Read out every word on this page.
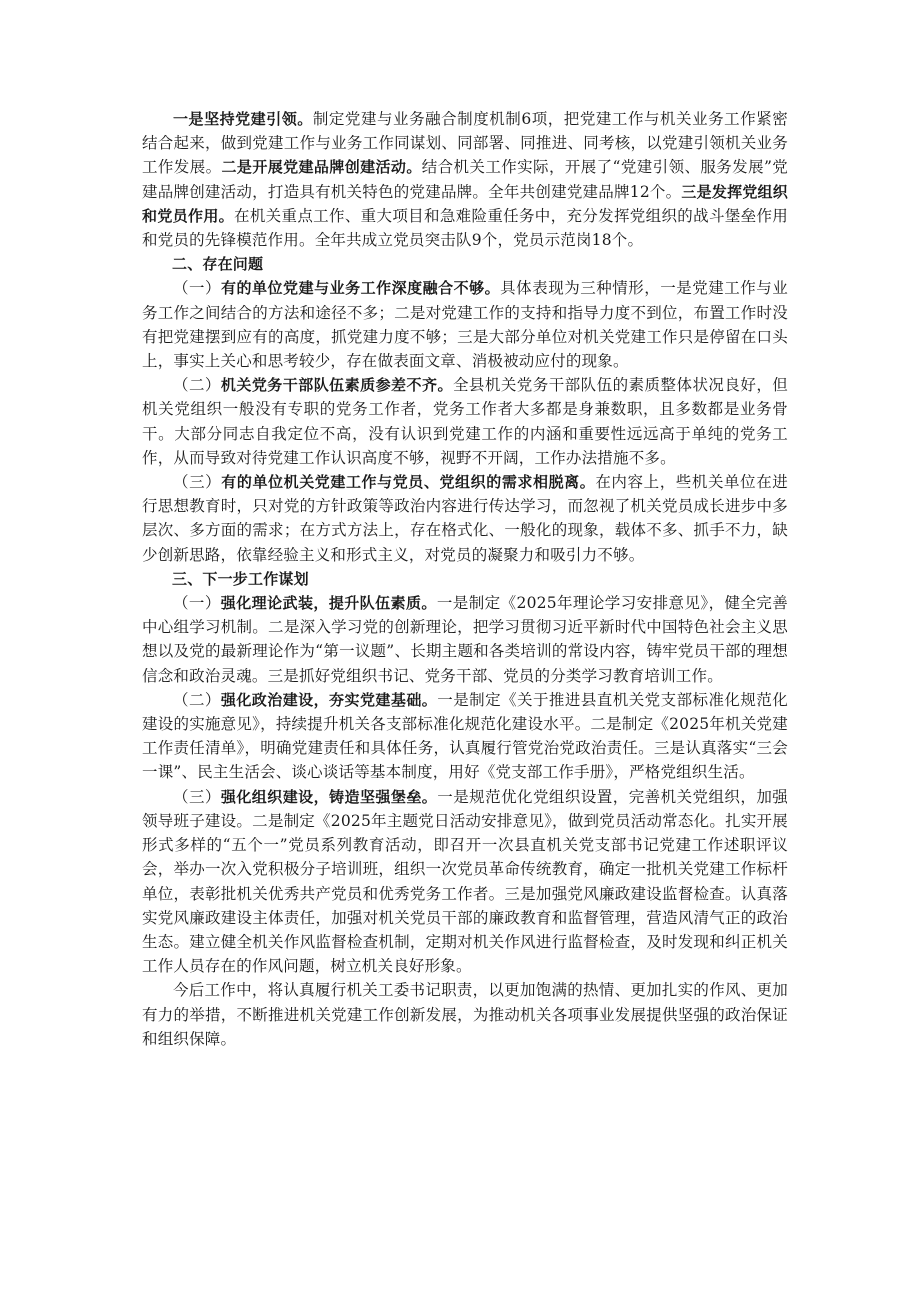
一是坚持党建引领。制定党建与业务融合制度机制6项，把党建工作与机关业务工作紧密结合起来，做到党建工作与业务工作同谋划、同部署、同推进、同考核，以党建引领机关业务工作发展。二是开展党建品牌创建活动。结合机关工作实际，开展了“党建引领、服务发展”党建品牌创建活动，打造具有机关特色的党建品牌。全年共创建党建品牌12个。三是发挥党组织和党员作用。在机关重点工作、重大项目和急难险重任务中，充分发挥党组织的战斗堡垒作用和党员的先锋模范作用。全年共成立党员突击队9个，党员示范岗18个。

二、存在问题

（一）有的单位党建与业务工作深度融合不够。具体表现为三种情形，一是党建工作与业务工作之间结合的方法和途径不多；二是对党建工作的支持和指导力度不到位，布置工作时没有把党建摆到应有的高度，抓党建力度不够；三是大部分单位对机关党建工作只是停留在口头上，事实上关心和思考较少，存在做表面文章、消极被动应付的现象。

（二）机关党务干部队伍素质参差不齐。全县机关党务干部队伍的素质整体状况良好，但机关党组织一般没有专职的党务工作者，党务工作者大多都是身兼数职，且多数都是业务骨干。大部分同志自我定位不高，没有认识到党建工作的内涵和重要性远远高于单纯的党务工作，从而导致对待党建工作认识高度不够，视野不开阔，工作办法措施不多。

（三）有的单位机关党建工作与党员、党组织的需求相脱离。在内容上，些机关单位在进行思想教育时，只对党的方针政策等政治内容进行传达学习，而忽视了机关党员成长进步中多层次、多方面的需求；在方式方法上，存在格式化、一般化的现象，载体不多、抓手不力，缺少创新思路，依靠经验主义和形式主义，对党员的凝聚力和吸引力不够。

三、下一步工作谋划

（一）强化理论武装，提升队伍素质。一是制定《2025年理论学习安排意见》，健全完善中心组学习机制。二是深入学习党的创新理论，把学习贯彻习近平新时代中国特色社会主义思想以及党的最新理论作为“第一议题”、长期主题和各类培训的常设内容，铸牢党员干部的理想信念和政治灵魂。三是抓好党组织书记、党务干部、党员的分类学习教育培训工作。

（二）强化政治建设，夯实党建基础。一是制定《关于推进县直机关党支部标准化规范化建设的实施意见》，持续提升机关各支部标准化规范化建设水平。二是制定《2025年机关党建工作责任清单》，明确党建责任和具体任务，认真履行管党治党政治责任。三是认真落实“三会一课”、民主生活会、谈心谈话等基本制度，用好《党支部工作手册》，严格党组织生活。

（三）强化组织建设，铸造坚强堡垒。一是规范优化党组织设置，完善机关党组织，加强领导班子建设。二是制定《2025年主题党日活动安排意见》，做到党员活动常态化。扎实开展形式多样的“五个一”党员系列教育活动，即召开一次县直机关党支部书记党建工作述职评议会，举办一次入党积极分子培训班，组织一次党员革命传统教育，确定一批机关党建工作标杆单位，表彰批机关优秀共产党员和优秀党务工作者。三是加强党风廉政建设监督检查。认真落实党风廉政建设主体责任，加强对机关党员干部的廉政教育和监督管理，营造风清气正的政治生态。建立健全机关作风监督检查机制，定期对机关作风进行监督检查，及时发现和纠正机关工作人员存在的作风问题，树立机关良好形象。

今后工作中，将认真履行机关工委书记职责，以更加饱满的热情、更加扎实的作风、更加有力的举措，不断推进机关党建工作创新发展，为推动机关各项事业发展提供坚强的政治保证和组织保障。
